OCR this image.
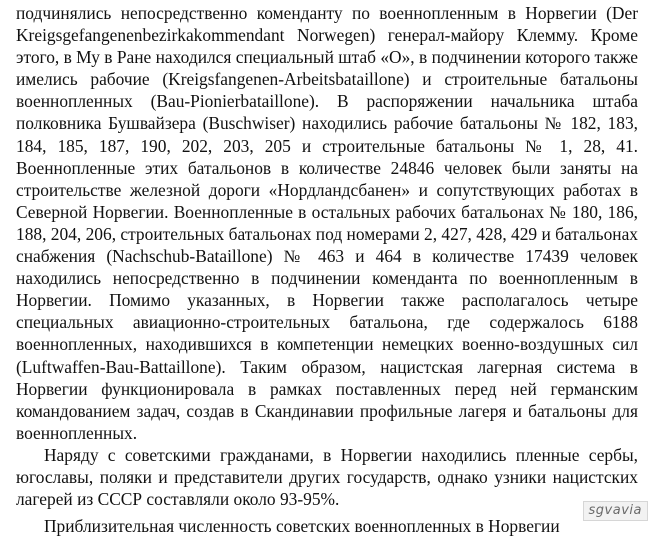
подчинялись непосредственно коменданту по военнопленным в Норвегии (Der Kreigsgefangenenbezirkakommendant Norwegen) генерал-майору Клемму. Кроме этого, в Му в Ране находился специальный штаб «О», в подчинении которого также имелись рабочие (Kreigsfangenen-Arbeitsbataillone) и строительные батальоны военнопленных (Bau-Pionierbataillone). В распоряжении начальника штаба полковника Бушвайзера (Buschwiser) находились рабочие батальоны № 182, 183, 184, 185, 187, 190, 202, 203, 205 и строительные батальоны № 1, 28, 41. Военнопленные этих батальонов в количестве 24846 человек были заняты на строительстве железной дороги «Нордландсбанен» и сопутствующих работах в Северной Норвегии. Военнопленные в остальных рабочих батальонах № 180, 186, 188, 204, 206, строительных батальонах под номерами 2, 427, 428, 429 и батальонах снабжения (Nachschub-Bataillone) № 463 и 464 в количестве 17439 человек находились непосредственно в подчинении коменданта по военнопленным в Норвегии. Помимо указанных, в Норвегии также располагалось четыре специальных авиационно-строительных батальона, где содержалось 6188 военнопленных, находившихся в компетенции немецких военно-воздушных сил (Luftwaffen-Bau-Battaillone). Таким образом, нацистская лагерная система в Норвегии функционировала в рамках поставленных перед ней германским командованием задач, создав в Скандинавии профильные лагеря и батальоны для военнопленных.

Наряду с советскими гражданами, в Норвегии находились пленные сербы, югославы, поляки и представители других государств, однако узники нацистских лагерей из СССР составляли около 93-95%.

Приблизительная численность советских военнопленных в Норвегии
sgvavia
